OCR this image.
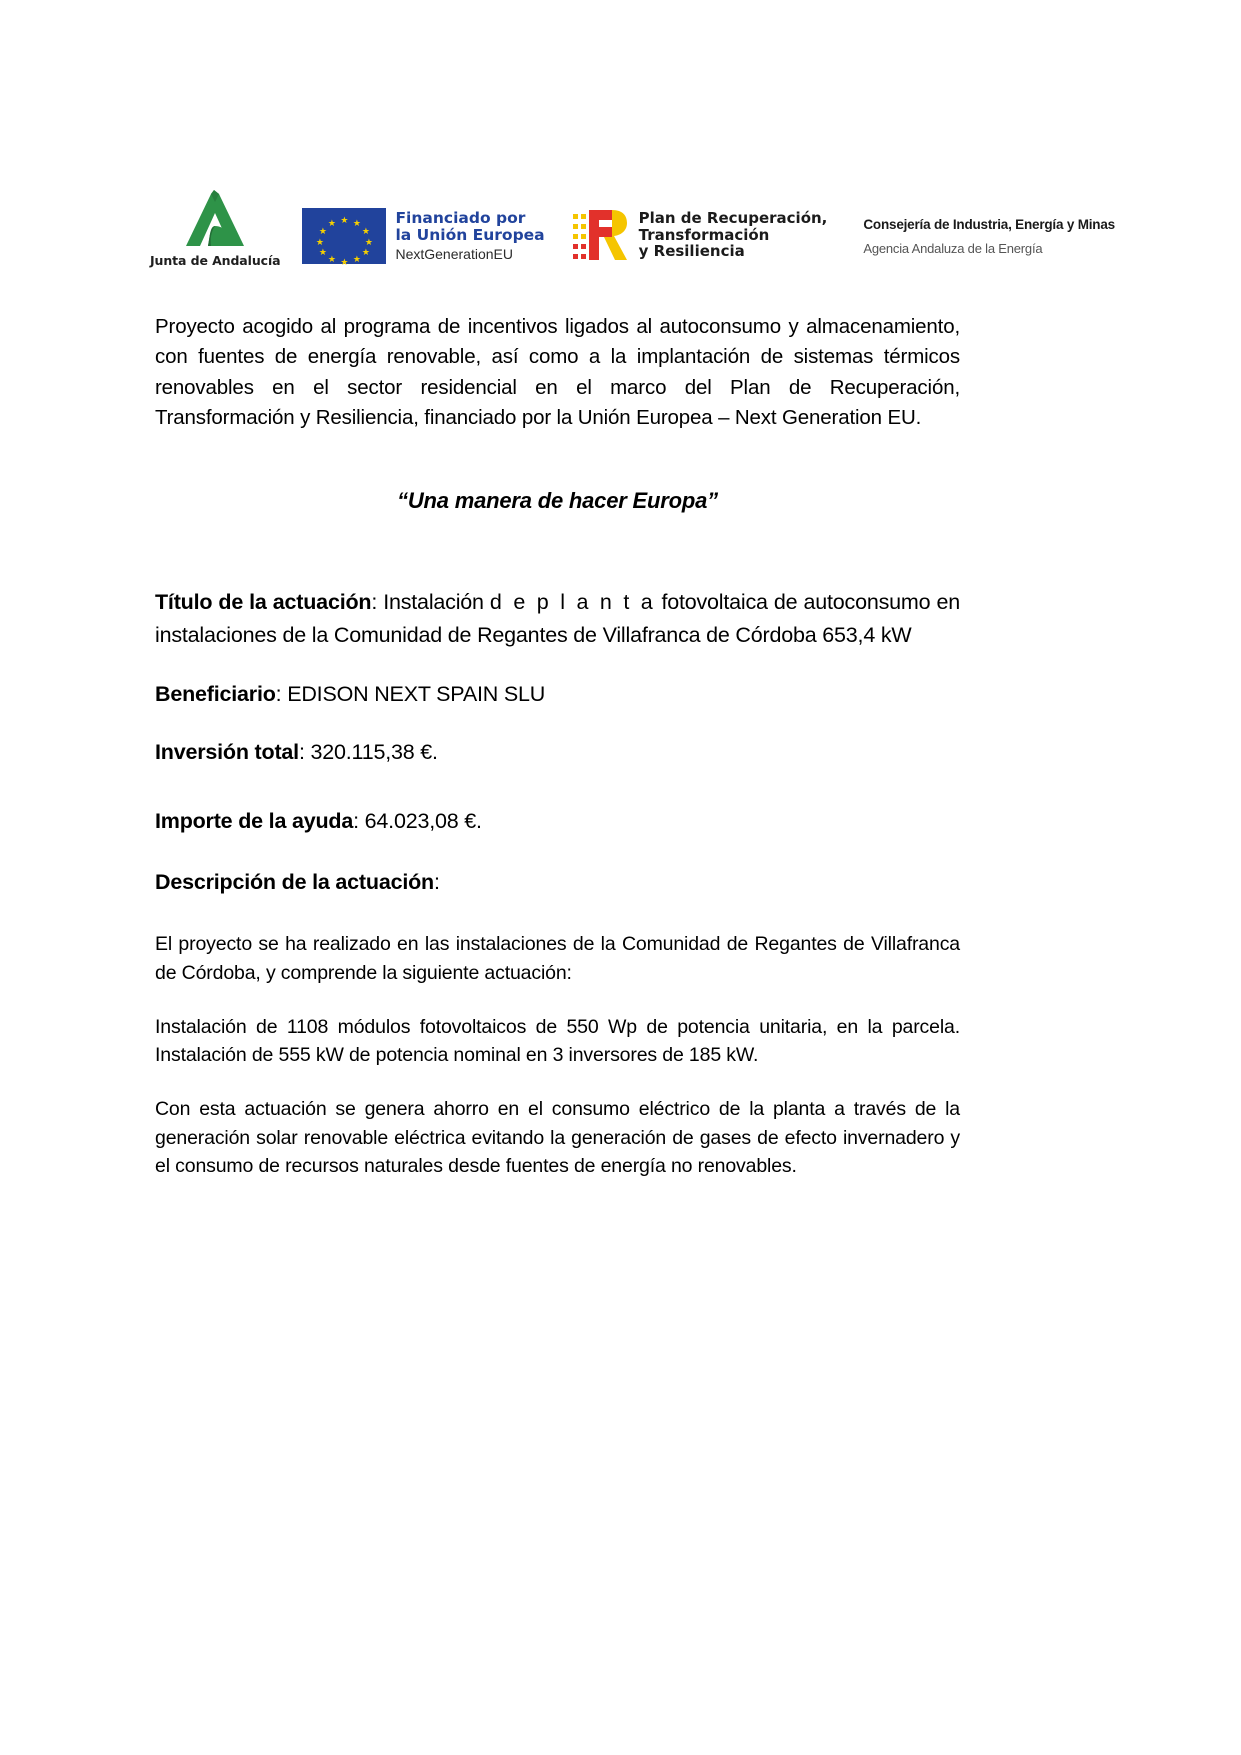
Junta de Andalucía
★ ★
★
★
★
★
★
★
★
★
★
★	Financiado por
la Unión Europea
NextGenerationEU
Plan de Recuperación,
Transformación
y Resiliencia
Consejería de Industria, Energía y Minas
Agencia Andaluza de la Energía

Proyecto acogido al programa de incentivos ligados al autoconsumo y almacenamiento, con fuentes de energía renovable, así como a la implantación de sistemas térmicos renovables en el sector residencial en el marco del Plan de Recuperación, Transformación y Resiliencia, financiado por la Unión Europea – Next Generation EU.

“Una manera de hacer Europa”

Título de la actuación: Instalación d e p l a n t a fotovoltaica de autoconsumo en instalaciones de la Comunidad de Regantes de Villafranca de Córdoba 653,4 kW

Beneficiario: EDISON NEXT SPAIN SLU

Inversión total: 320.115,38 €.

Importe de la ayuda: 64.023,08 €.

Descripción de la actuación:

El proyecto se ha realizado en las instalaciones de la Comunidad de Regantes de Villafranca de Córdoba, y comprende la siguiente actuación:

Instalación de 1108 módulos fotovoltaicos de 550 Wp de potencia unitaria, en la parcela. Instalación de 555 kW de potencia nominal en 3 inversores de 185 kW.

Con esta actuación se genera ahorro en el consumo eléctrico de la planta a través de la generación solar renovable eléctrica evitando la generación de gases de efecto invernadero y el consumo de recursos naturales desde fuentes de energía no renovables.
